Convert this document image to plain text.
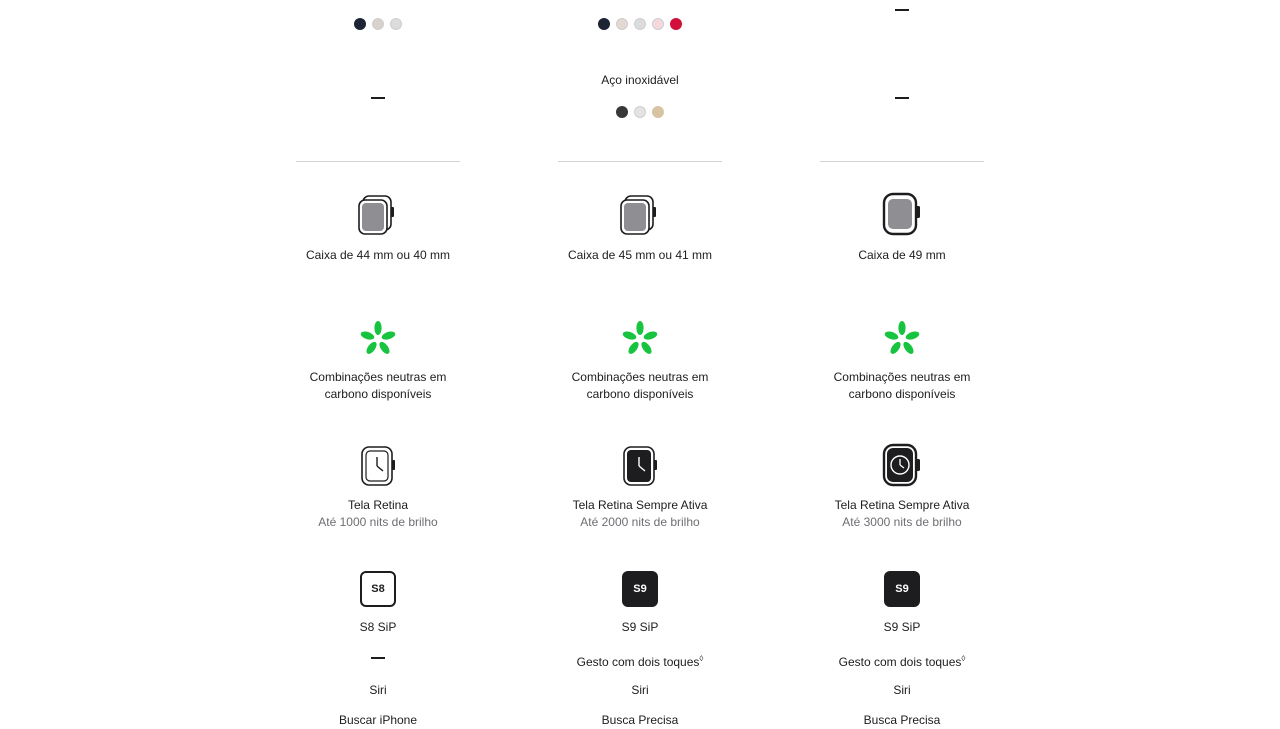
Caixa de 44 mm ou 40 mm
Combinações neutras em carbono disponíveis
Tela Retina
Até 1000 nits de brilho
S8
S8 SiP
Siri
Buscar iPhone
Aço inoxidável
Caixa de 45 mm ou 41 mm
Combinações neutras em carbono disponíveis
Tela Retina Sempre Ativa
Até 2000 nits de brilho
S9
S9 SiP
Gesto com dois toques◊
Siri
Busca Precisa
Caixa de 49 mm
Combinações neutras em carbono disponíveis
Tela Retina Sempre Ativa
Até 3000 nits de brilho
S9
S9 SiP
Gesto com dois toques◊
Siri
Busca Precisa
